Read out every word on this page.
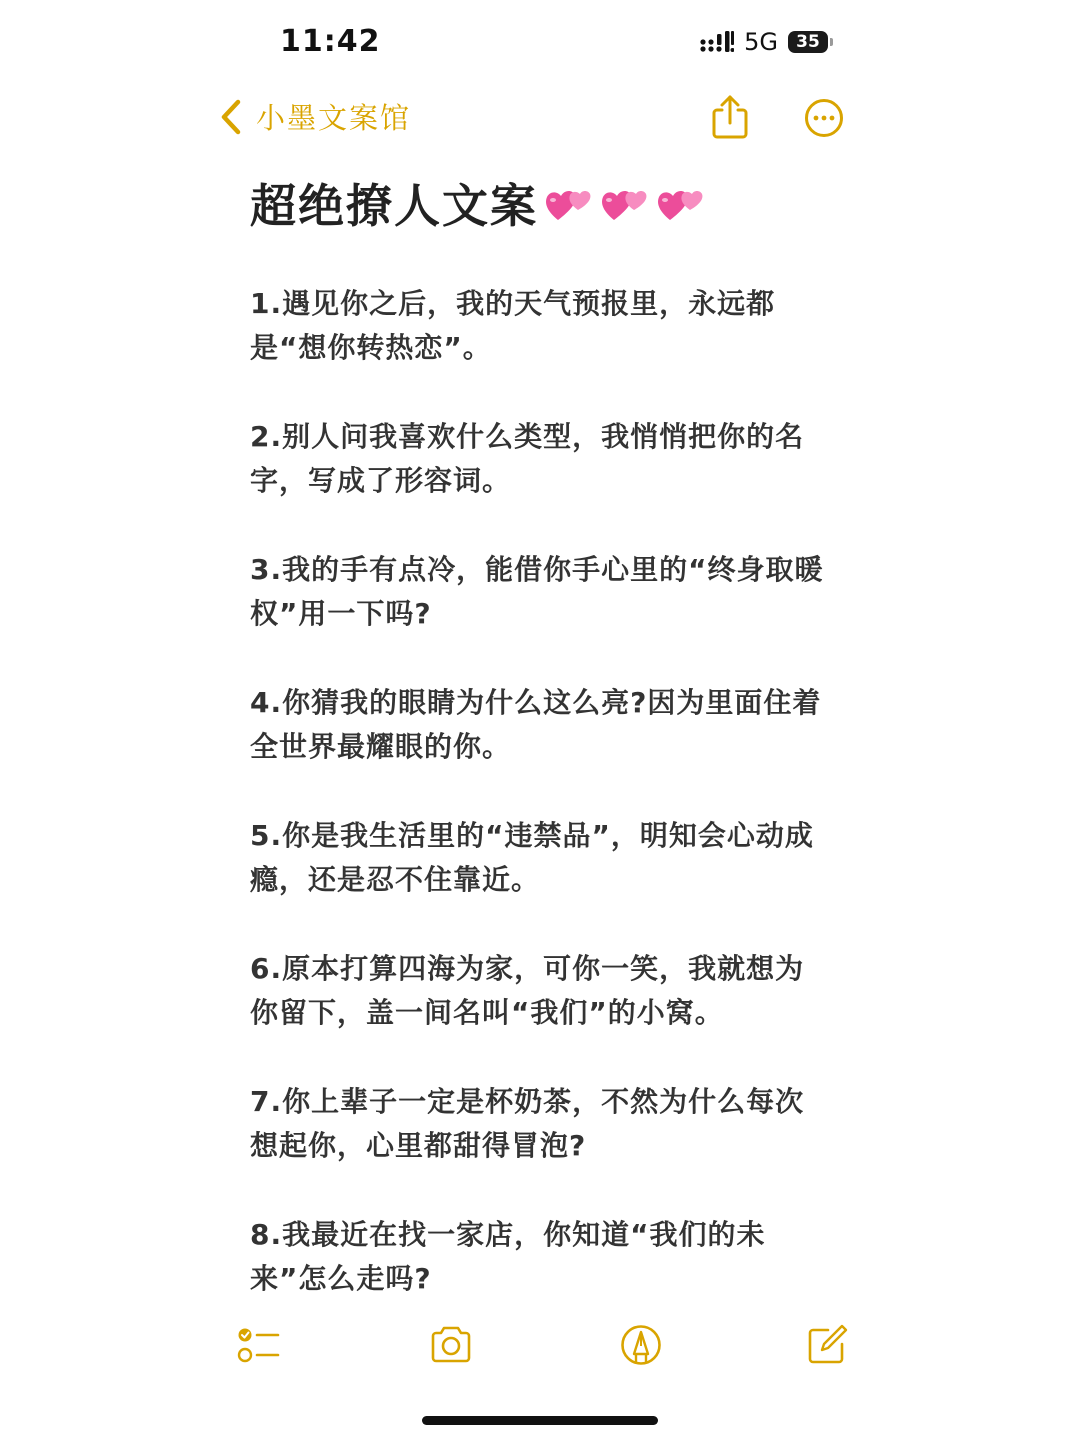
11:42	5G 35
小墨文案馆
超绝撩人文案

1.遇见你之后，我的天气预报里，永远都是“想你转热恋”。

2.别人问我喜欢什么类型，我悄悄把你的名字，写成了形容词。

3.我的手有点冷，能借你手心里的“终身取暖权”用一下吗?

4.你猜我的眼睛为什么这么亮?因为里面住着全世界最耀眼的你。

5.你是我生活里的“违禁品”，明知会心动成瘾，还是忍不住靠近。

6.原本打算四海为家，可你一笑，我就想为你留下，盖一间名叫“我们”的小窝。

7.你上辈子一定是杯奶茶，不然为什么每次想起你，心里都甜得冒泡?

8.我最近在找一家店，你知道“我们的未来”怎么走吗?
